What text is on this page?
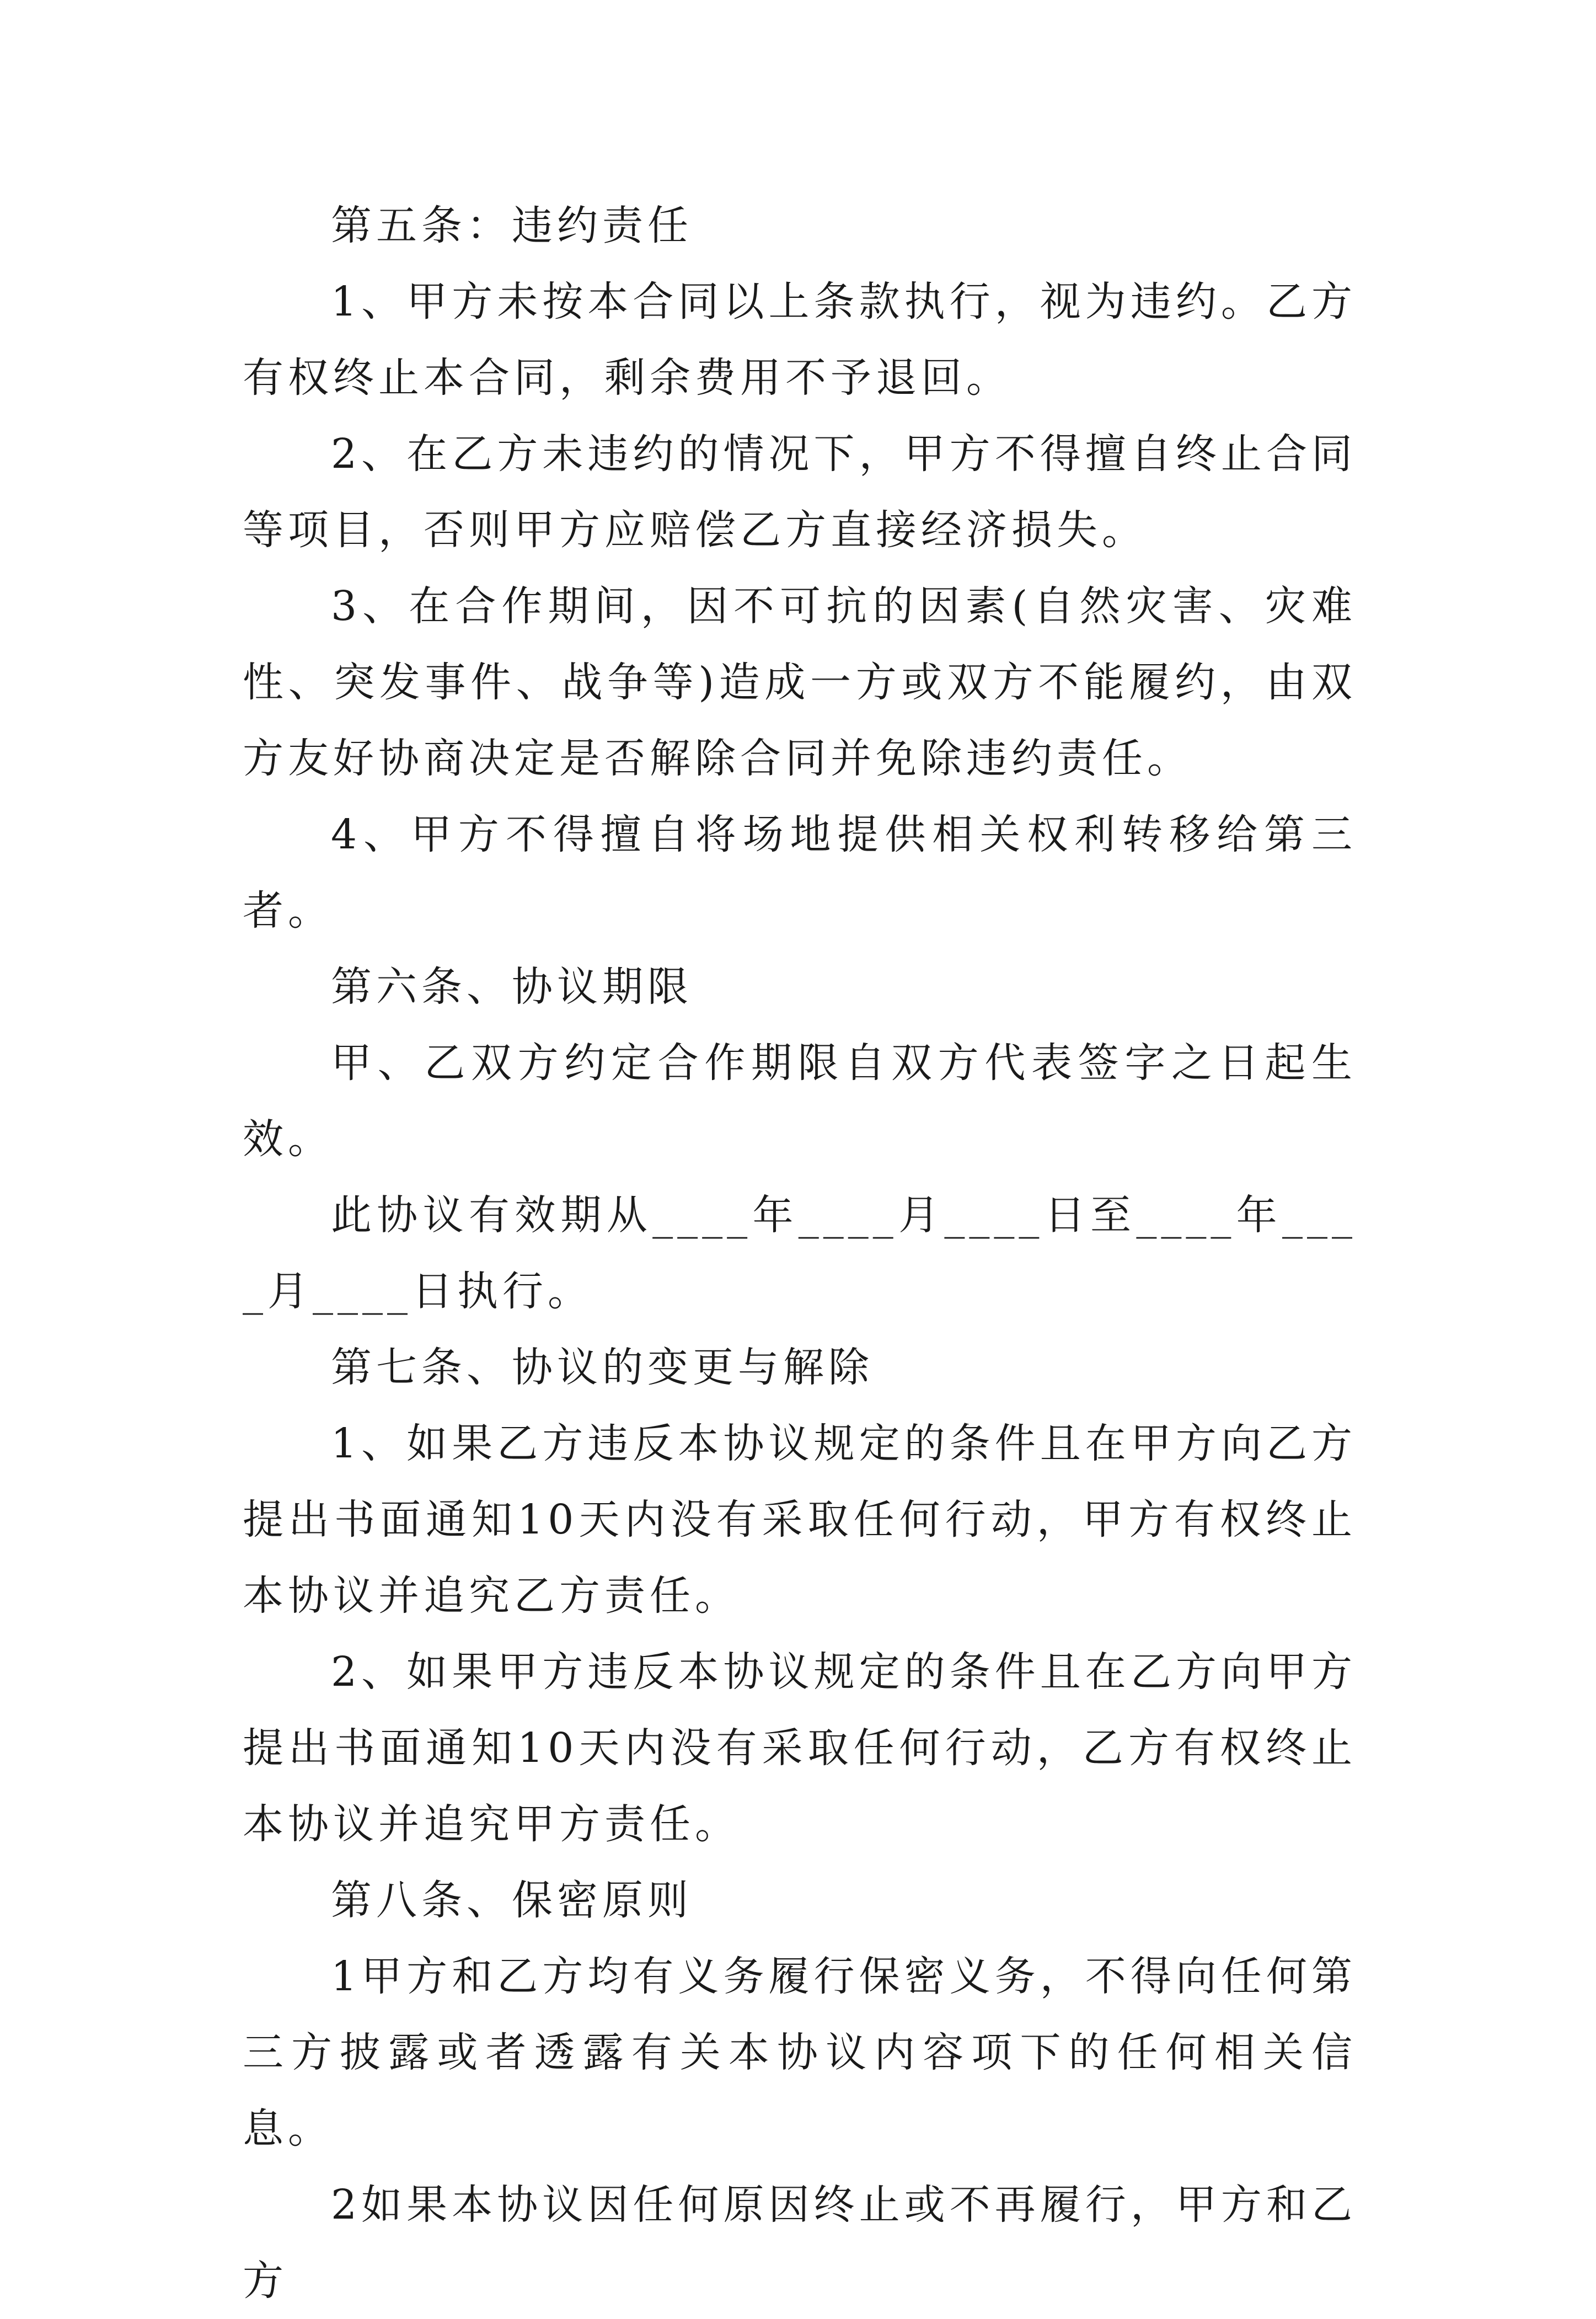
第五条：违约责任

1、甲方未按本合同以上条款执行，视为违约。乙方有权终止本合同，剩余费用不予退回。

2、在乙方未违约的情况下，甲方不得擅自终止合同等项目，否则甲方应赔偿乙方直接经济损失。

3、在合作期间，因不可抗的因素(自然灾害、灾难性、突发事件、战争等)造成一方或双方不能履约，由双方友好协商决定是否解除合同并免除违约责任。

4、甲方不得擅自将场地提供相关权利转移给第三者。

第六条、协议期限

甲、乙双方约定合作期限自双方代表签字之日起生效。

此协议有效期从____年____月____日至____年____月____日执行。

第七条、协议的变更与解除

1、如果乙方违反本协议规定的条件且在甲方向乙方提出书面通知10天内没有采取任何行动，甲方有权终止本协议并追究乙方责任。

2、如果甲方违反本协议规定的条件且在乙方向甲方提出书面通知10天内没有采取任何行动，乙方有权终止本协议并追究甲方责任。

第八条、保密原则

1甲方和乙方均有义务履行保密义务，不得向任何第三方披露或者透露有关本协议内容项下的任何相关信息。

2如果本协议因任何原因终止或不再履行，甲方和乙方
